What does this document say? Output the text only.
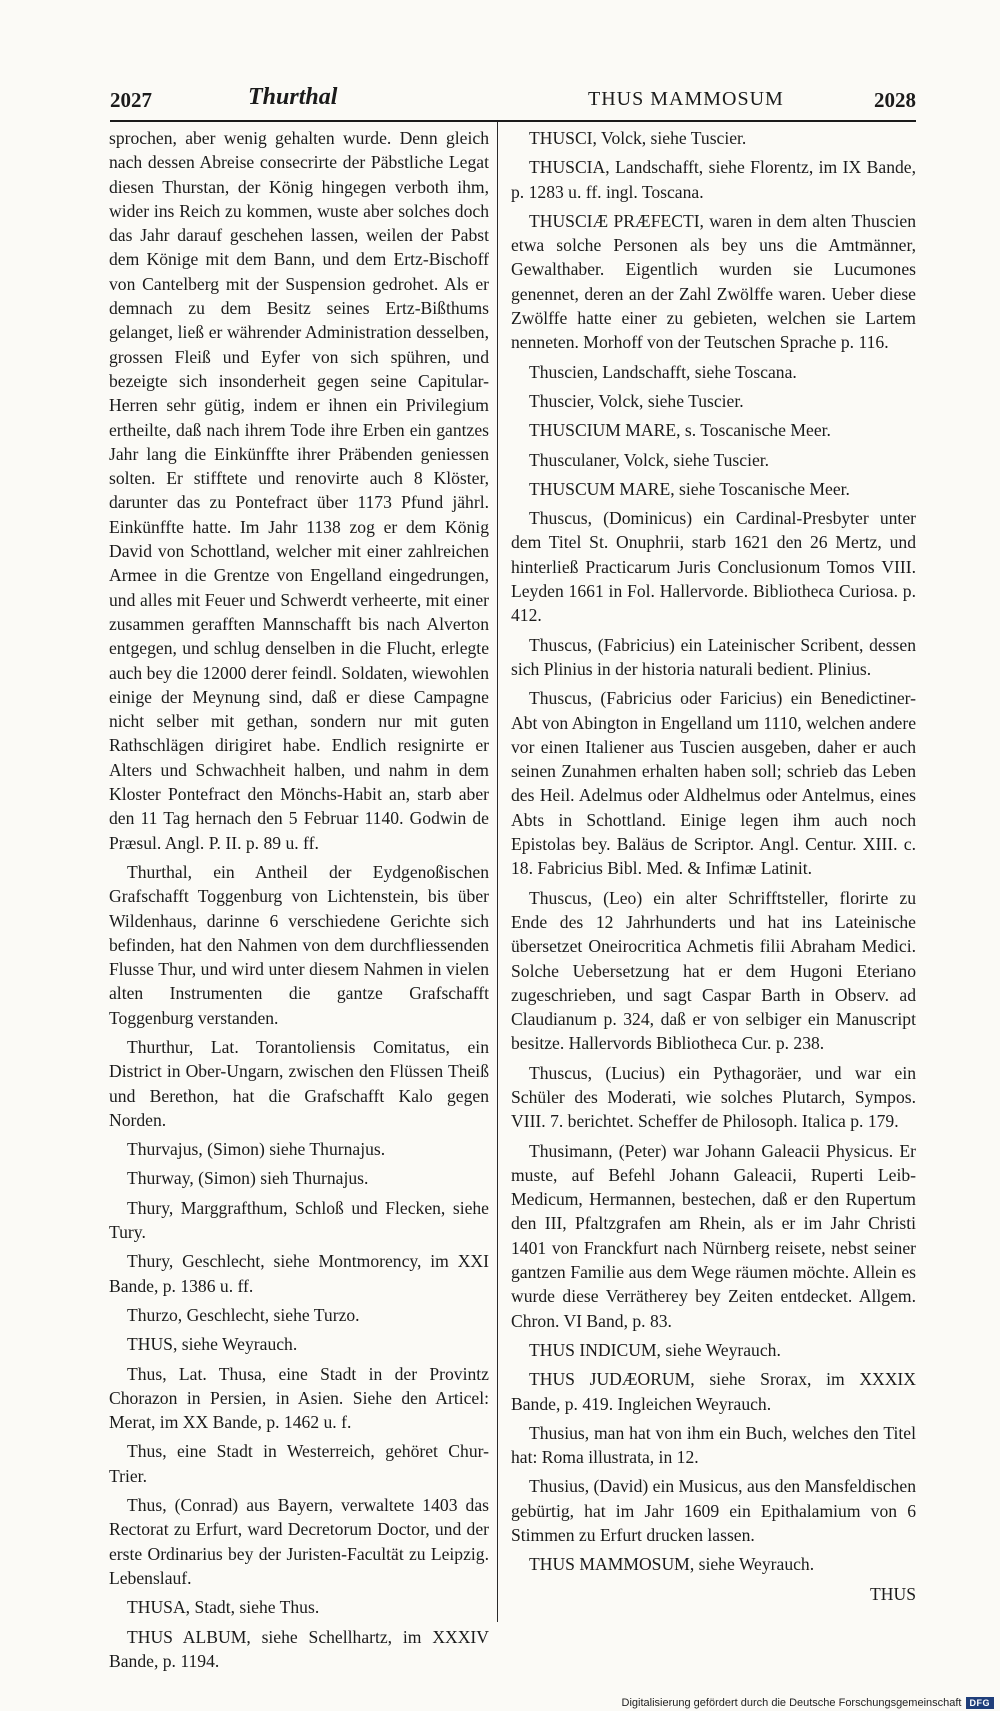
2027	Thurthal	THUS MAMMOSUM	2028

sprochen, aber wenig gehalten wurde. Denn gleich nach dessen Abreise consecrirte der Päbstliche Legat diesen Thurstan, der König hingegen verboth ihm, wider ins Reich zu kommen, wuste aber solches doch das Jahr darauf geschehen lassen, weilen der Pabst dem Könige mit dem Bann, und dem Ertz-Bischoff von Cantelberg mit der Suspension gedrohet. Als er demnach zu dem Besitz seines Ertz-Bißthums gelanget, ließ er währender Administration desselben, grossen Fleiß und Eyfer von sich spühren, und bezeigte sich insonderheit gegen seine Capitular-Herren sehr gütig, indem er ihnen ein Privilegium ertheilte, daß nach ihrem Tode ihre Erben ein gantzes Jahr lang die Einkünffte ihrer Präbenden geniessen solten. Er stifftete und renovirte auch 8 Klöster, darunter das zu Pontefract über 1173 Pfund jährl. Einkünffte hatte. Im Jahr 1138 zog er dem König David von Schottland, welcher mit einer zahlreichen Armee in die Grentze von Engelland eingedrungen, und alles mit Feuer und Schwerdt verheerte, mit einer zusammen gerafften Mannschafft bis nach Alverton entgegen, und schlug denselben in die Flucht, erlegte auch bey die 12000 derer feindl. Soldaten, wiewohlen einige der Meynung sind, daß er diese Campagne nicht selber mit gethan, sondern nur mit guten Rathschlägen dirigiret habe. Endlich resignirte er Alters und Schwachheit halben, und nahm in dem Kloster Pontefract den Mönchs-Habit an, starb aber den 11 Tag hernach den 5 Februar 1140. Godwin de Præsul. Angl. P. II. p. 89 u. ff.

Thurthal, ein Antheil der Eydgenoßischen Grafschafft Toggenburg von Lichtenstein, bis über Wildenhaus, darinne 6 verschiedene Gerichte sich befinden, hat den Nahmen von dem durchfliessenden Flusse Thur, und wird unter diesem Nahmen in vielen alten Instrumenten die gantze Grafschafft Toggenburg verstanden.

Thurthur, Lat. Torantoliensis Comitatus, ein District in Ober-Ungarn, zwischen den Flüssen Theiß und Berethon, hat die Grafschafft Kalo gegen Norden.

Thurvajus, (Simon) siehe Thurnajus.

Thurway, (Simon) sieh Thurnajus.

Thury, Marggrafthum, Schloß und Flecken, siehe Tury.

Thury, Geschlecht, siehe Montmorency, im XXI Bande, p. 1386 u. ff.

Thurzo, Geschlecht, siehe Turzo.

THUS, siehe Weyrauch.

Thus, Lat. Thusa, eine Stadt in der Provintz Chorazon in Persien, in Asien. Siehe den Articel: Merat, im XX Bande, p. 1462 u. f.

Thus, eine Stadt in Westerreich, gehöret Chur-Trier.

Thus, (Conrad) aus Bayern, verwaltete 1403 das Rectorat zu Erfurt, ward Decretorum Doctor, und der erste Ordinarius bey der Juristen-Facultät zu Leipzig. Lebenslauf.

THUSA, Stadt, siehe Thus.

THUS ALBUM, siehe Schellhartz, im XXXIV Bande, p. 1194.

THUSCI, Volck, siehe Tuscier.

THUSCIA, Landschafft, siehe Florentz, im IX Bande, p. 1283 u. ff. ingl. Toscana.

THUSCIÆ PRÆFECTI, waren in dem alten Thuscien etwa solche Personen als bey uns die Amtmänner, Gewalthaber. Eigentlich wurden sie Lucumones genennet, deren an der Zahl Zwölffe waren. Ueber diese Zwölffe hatte einer zu gebieten, welchen sie Lartem nenneten. Morhoff von der Teutschen Sprache p. 116.

Thuscien, Landschafft, siehe Toscana.

Thuscier, Volck, siehe Tuscier.

THUSCIUM MARE, s. Toscanische Meer.

Thusculaner, Volck, siehe Tuscier.

THUSCUM MARE, siehe Toscanische Meer.

Thuscus, (Dominicus) ein Cardinal-Presbyter unter dem Titel St. Onuphrii, starb 1621 den 26 Mertz, und hinterließ Practicarum Juris Conclusionum Tomos VIII. Leyden 1661 in Fol. Hallervorde. Bibliotheca Curiosa. p. 412.

Thuscus, (Fabricius) ein Lateinischer Scribent, dessen sich Plinius in der historia naturali bedient. Plinius.

Thuscus, (Fabricius oder Faricius) ein Benedictiner-Abt von Abington in Engelland um 1110, welchen andere vor einen Italiener aus Tuscien ausgeben, daher er auch seinen Zunahmen erhalten haben soll; schrieb das Leben des Heil. Adelmus oder Aldhelmus oder Antelmus, eines Abts in Schottland. Einige legen ihm auch noch Epistolas bey. Baläus de Scriptor. Angl. Centur. XIII. c. 18. Fabricius Bibl. Med. & Infimæ Latinit.

Thuscus, (Leo) ein alter Schrifftsteller, florirte zu Ende des 12 Jahrhunderts und hat ins Lateinische übersetzet Oneirocritica Achmetis filii Abraham Medici. Solche Uebersetzung hat er dem Hugoni Eteriano zugeschrieben, und sagt Caspar Barth in Observ. ad Claudianum p. 324, daß er von selbiger ein Manuscript besitze. Hallervords Bibliotheca Cur. p. 238.

Thuscus, (Lucius) ein Pythagoräer, und war ein Schüler des Moderati, wie solches Plutarch, Sympos. VIII. 7. berichtet. Scheffer de Philosoph. Italica p. 179.

Thusimann, (Peter) war Johann Galeacii Physicus. Er muste, auf Befehl Johann Galeacii, Ruperti Leib-Medicum, Hermannen, bestechen, daß er den Rupertum den III, Pfaltzgrafen am Rhein, als er im Jahr Christi 1401 von Franckfurt nach Nürnberg reisete, nebst seiner gantzen Familie aus dem Wege räumen möchte. Allein es wurde diese Verrätherey bey Zeiten entdecket. Allgem. Chron. VI Band, p. 83.

THUS INDICUM, siehe Weyrauch.

THUS JUDÆORUM, siehe Srorax, im XXXIX Bande, p. 419. Ingleichen Weyrauch.

Thusius, man hat von ihm ein Buch, welches den Titel hat: Roma illustrata, in 12.

Thusius, (David) ein Musicus, aus den Mansfeldischen gebürtig, hat im Jahr 1609 ein Epithalamium von 6 Stimmen zu Erfurt drucken lassen.

THUS MAMMOSUM, siehe Weyrauch.

THUS

Digitalisierung gefördert durch die Deutsche Forschungsgemeinschaft DFG
